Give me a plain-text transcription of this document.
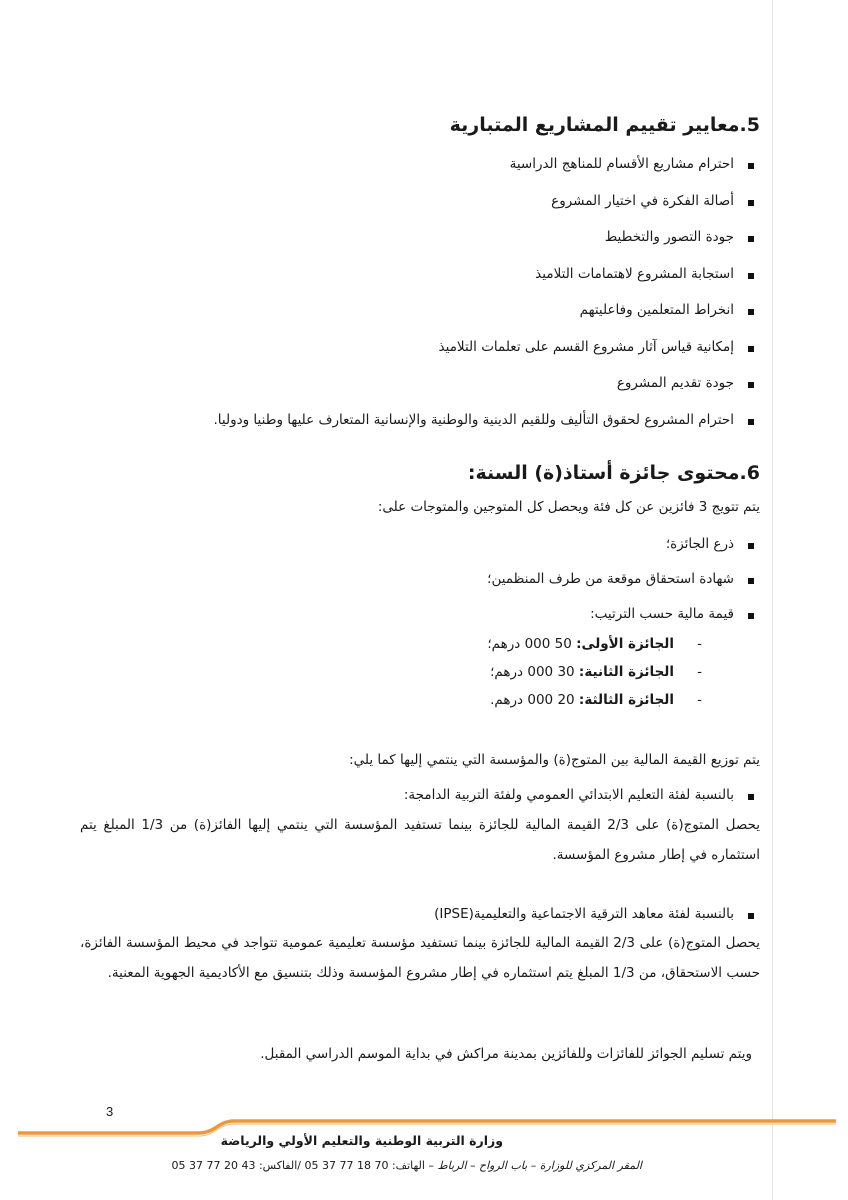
5.معايير تقييم المشاريع المتبارية
احترام مشاريع الأقسام للمناهج الدراسية
أصالة الفكرة في اختيار المشروع
جودة التصور والتخطيط
استجابة المشروع لاهتمامات التلاميذ
انخراط المتعلمين وفاعليتهم
إمكانية قياس آثار مشروع القسم على تعلمات التلاميذ
جودة تقديم المشروع
احترام المشروع لحقوق التأليف وللقيم الدينية والوطنية والإنسانية المتعارف عليها وطنيا ودوليا.
6.محتوى جائزة أستاذ(ة) السنة:

يتم تتويج 3 فائزين عن كل فئة ويحصل كل المتوجين والمتوجات على:

ذرع الجائزة؛
شهادة استحقاق موقعة من طرف المنظمين؛
قيمة مالية حسب الترتيب:
- الجائزة الأولى: 50 000 درهم؛
- الجائزة الثانية: 30 000 درهم؛
- الجائزة الثالثة: 20 000 درهم.

يتم توزيع القيمة المالية بين المتوج(ة) والمؤسسة التي ينتمي إليها كما يلي:

بالنسبة لفئة التعليم الابتدائي العمومي ولفئة التربية الدامجة:
يحصل المتوج(ة) على 2/3 القيمة المالية للجائزة بينما تستفيد المؤسسة التي ينتمي إليها الفائز(ة) من 1/3 المبلغ يتم استثماره في إطار مشروع المؤسسة.
بالنسبة لفئة معاهد الترقية الاجتماعية والتعليمية(IPSE)
يحصل المتوج(ة) على 2/3 القيمة المالية للجائزة بينما تستفيد مؤسسة تعليمية عمومية تتواجد في محيط المؤسسة الفائزة، حسب الاستحقاق، من 1/3 المبلغ يتم استثماره في إطار مشروع المؤسسة وذلك بتنسيق مع الأكاديمية الجهوية المعنية.

ويتم تسليم الجوائز للفائزات وللفائزين بمدينة مراكش في بداية الموسم الدراسي المقبل.

3
وزارة التربية الوطنية والتعليم الأولي والرياضة
المقر المركزي للوزارة – باب الرواح – الرباط – الهاتف: 70 18 77 37 05 /الفاكس: 43 20 77 37 05
